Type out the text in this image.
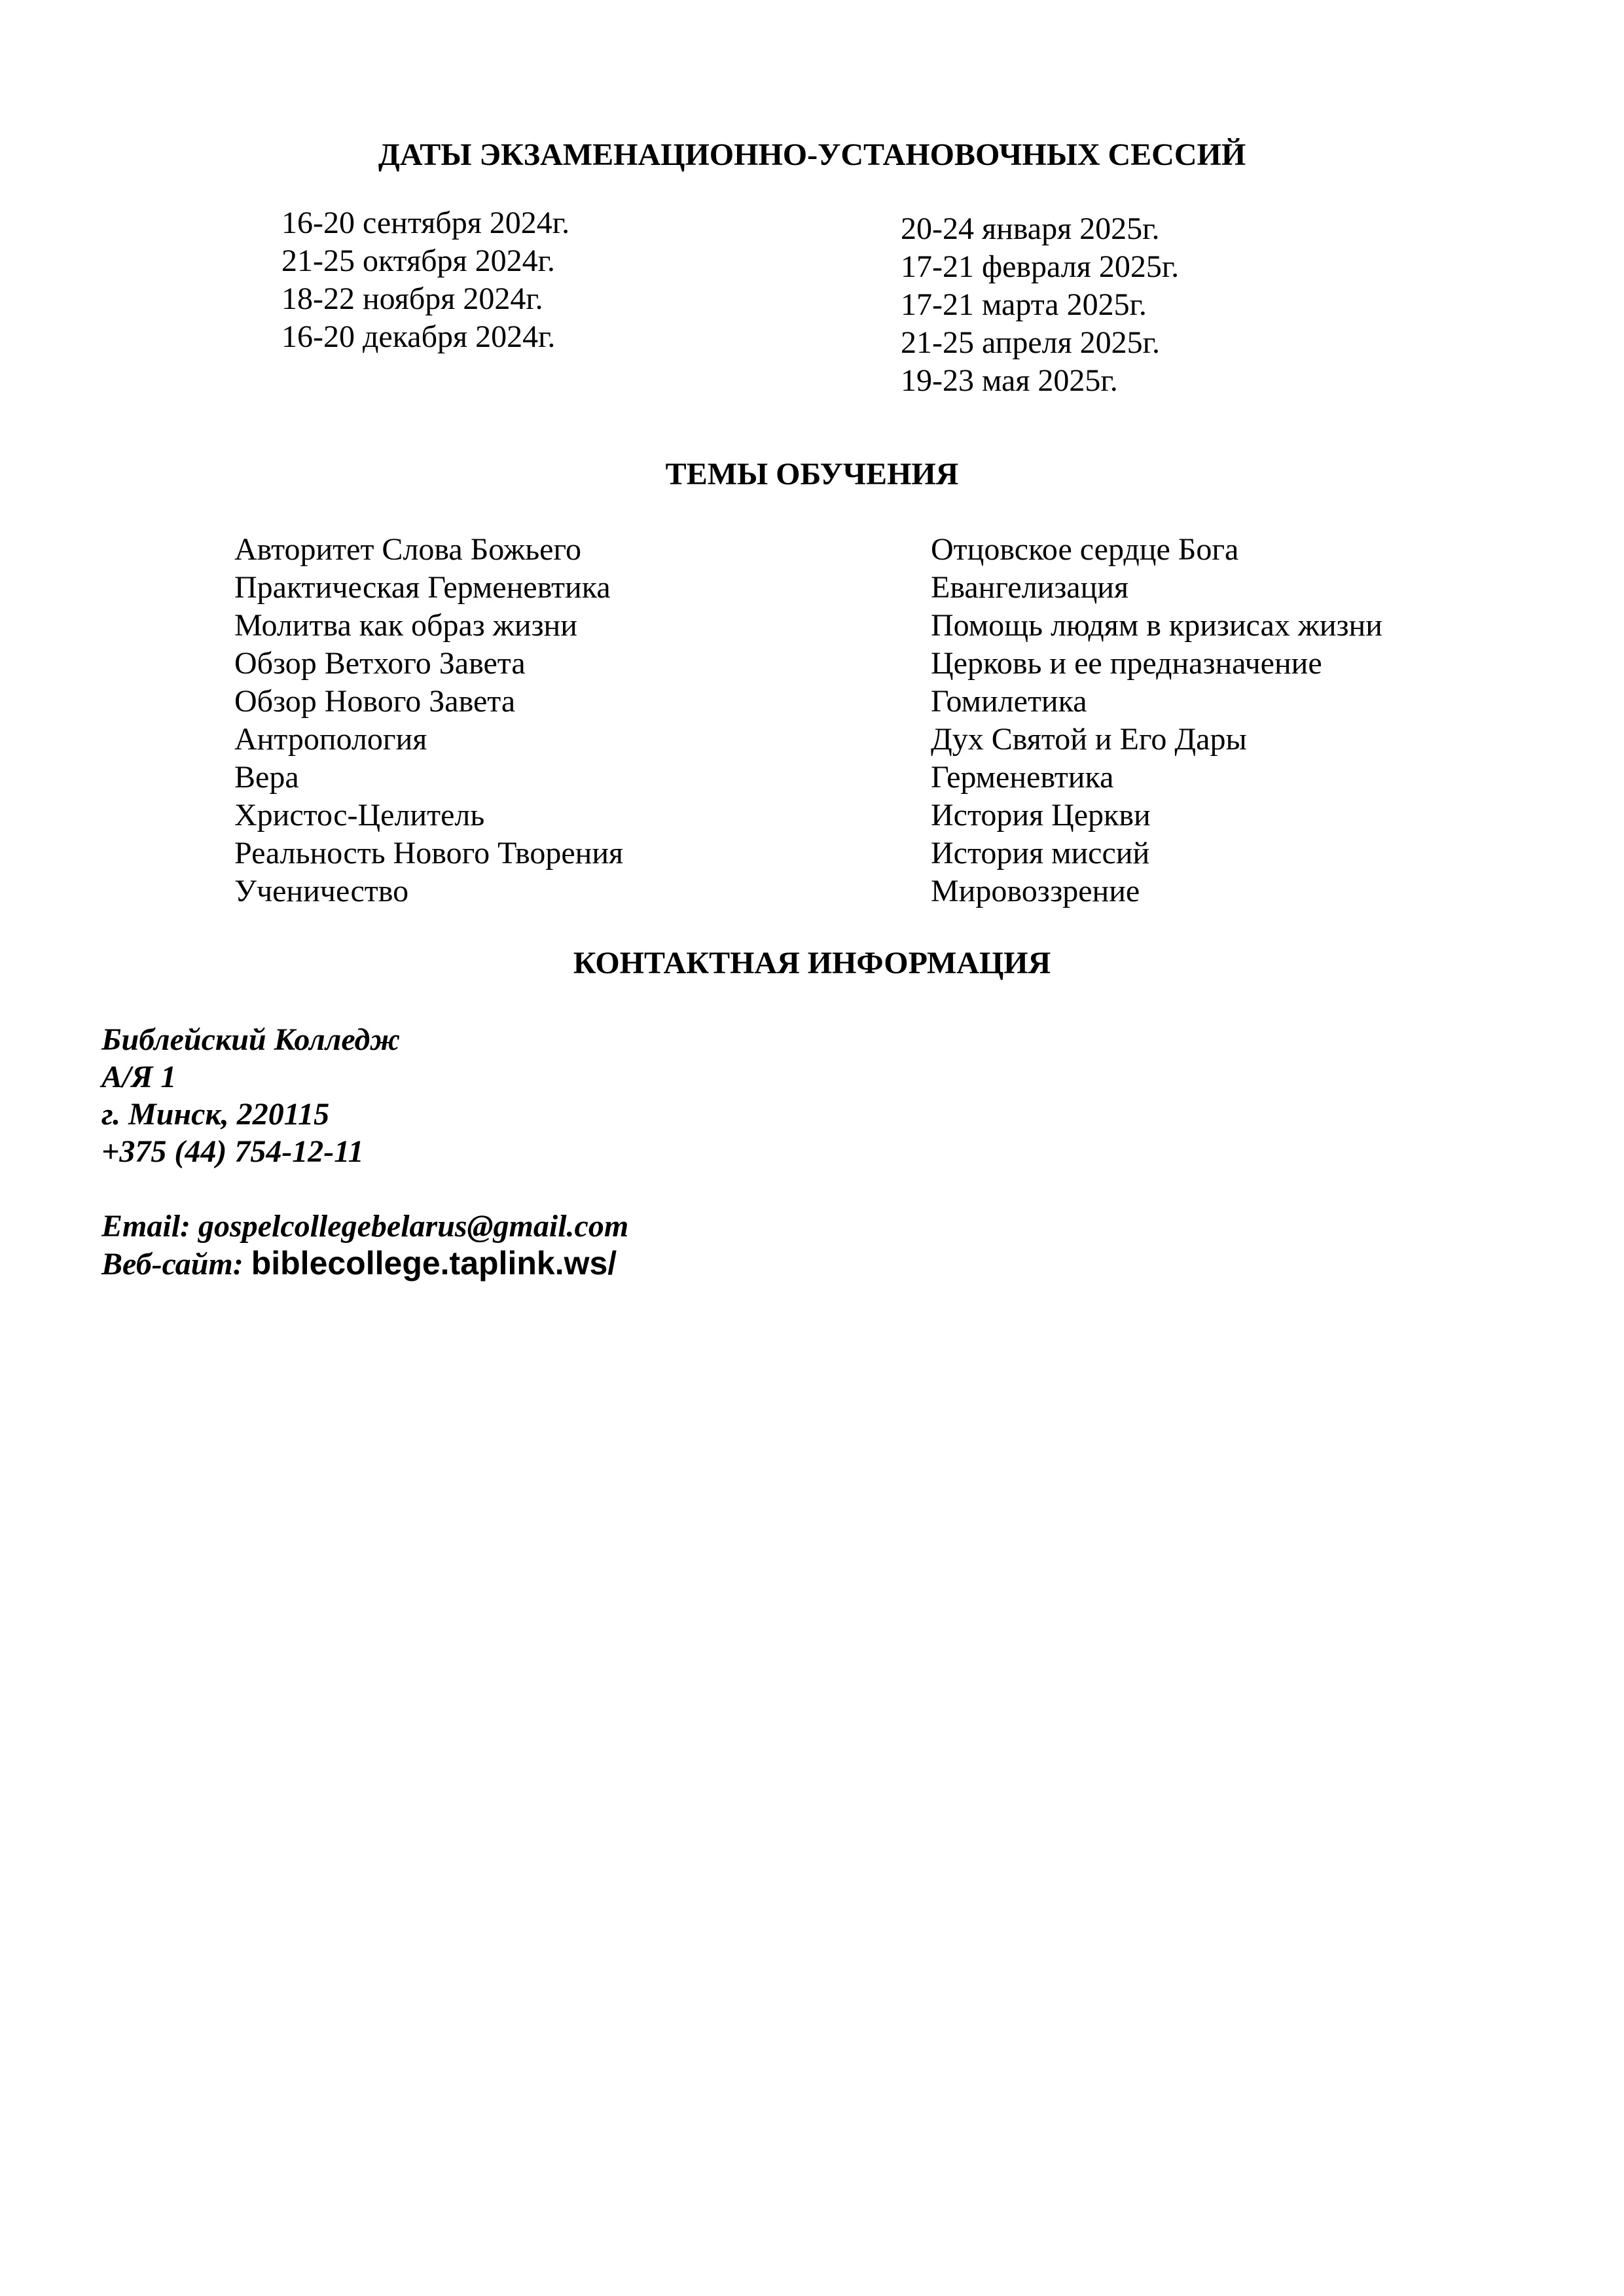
ДАТЫ ЭКЗАМЕНАЦИОННО-УСТАНОВОЧНЫХ СЕССИЙ
16-20 сентября 2024г.
21-25 октября 2024г.
18-22 ноября 2024г.
16-20 декабря 2024г.
20-24 января 2025г.
17-21 февраля 2025г.
17-21 марта 2025г.
21-25 апреля 2025г.
19-23 мая 2025г.
ТЕМЫ ОБУЧЕНИЯ
Авторитет Слова Божьего
Практическая Герменевтика
Молитва как образ жизни
Обзор Ветхого Завета
Обзор Нового Завета
Антропология
Вера
Христос-Целитель
Реальность Нового Творения
Ученичество
Отцовское сердце Бога
Евангелизация
Помощь людям в кризисах жизни
Церковь и ее предназначение
Гомилетика
Дух Святой и Его Дары
Герменевтика
История Церкви
История миссий
Мировоззрение
КОНТАКТНАЯ ИНФОРМАЦИЯ
Библейский Колледж
А/Я 1
г. Минск, 220115
+375 (44) 754-12-11
Email: gospelcollegebelarus@gmail.com
Веб-сайт: biblecollege.taplink.ws/
